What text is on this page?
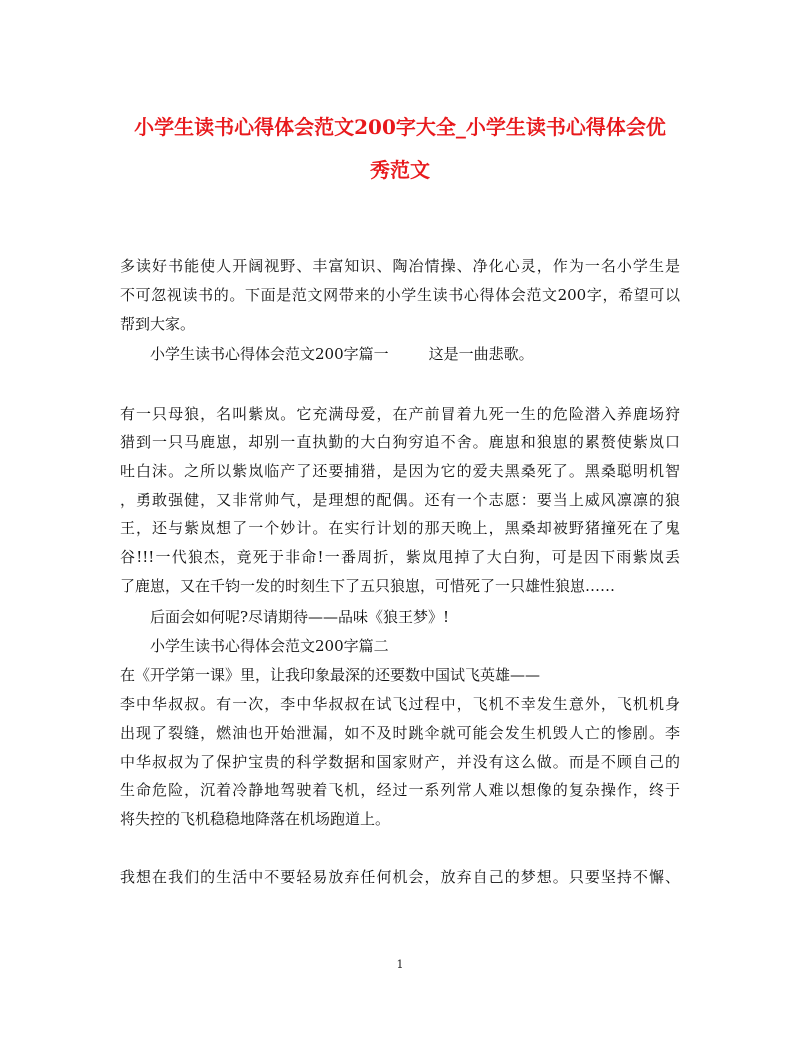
小学生读书心得体会范文200字大全_小学生读书心得体会优
秀范文

多读好书能使人开阔视野、丰富知识、陶冶情操、净化心灵，作为一名小学生是

不可忽视读书的。下面是范文网带来的小学生读书心得体会范文200字，希望可以

帮到大家。

小学生读书心得体会范文200字篇一	这是一曲悲歌。

有一只母狼，名叫紫岚。它充满母爱，在产前冒着九死一生的危险潜入养鹿场狩

猎到一只马鹿崽，却别一直执勤的大白狗穷追不舍。鹿崽和狼崽的累赘使紫岚口

吐白沫。之所以紫岚临产了还要捕猎，是因为它的爱夫黑桑死了。黑桑聪明机智

，勇敢强健，又非常帅气，是理想的配偶。还有一个志愿：要当上威风凛凛的狼

王，还与紫岚想了一个妙计。在实行计划的那天晚上，黑桑却被野猪撞死在了鬼

谷!!!一代狼杰，竟死于非命!一番周折，紫岚甩掉了大白狗，可是因下雨紫岚丢

了鹿崽，又在千钧一发的时刻生下了五只狼崽，可惜死了一只雄性狼崽……

后面会如何呢?尽请期待——品味《狼王梦》!

小学生读书心得体会范文200字篇二

在《开学第一课》里，让我印象最深的还要数中国试飞英雄——

李中华叔叔。有一次，李中华叔叔在试飞过程中，飞机不幸发生意外，飞机机身

出现了裂缝，燃油也开始泄漏，如不及时跳伞就可能会发生机毁人亡的惨剧。李

中华叔叔为了保护宝贵的科学数据和国家财产，并没有这么做。而是不顾自己的

生命危险，沉着冷静地驾驶着飞机，经过一系列常人难以想像的复杂操作，终于

将失控的飞机稳稳地降落在机场跑道上。

我想在我们的生活中不要轻易放弃任何机会，放弃自己的梦想。只要坚持不懈、

1
